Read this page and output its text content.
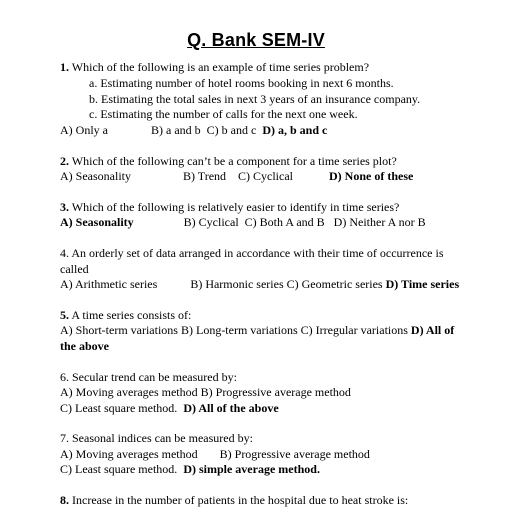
Q. Bank SEM-IV
1. Which of the following is an example of time series problem?
a. Estimating number of hotel rooms booking in next 6 months.
b. Estimating the total sales in next 3 years of an insurance company.
c. Estimating the number of calls for the next one week.
A) Only a	B) a and b C) b and c D) a, b and c
2. Which of the following can’t be a component for a time series plot?
A) Seasonality	B) Trend C) Cyclical	D) None of these
3. Which of the following is relatively easier to identify in time series?
A) Seasonality	B) Cyclical C) Both A and B D) Neither A nor B
4. An orderly set of data arranged in accordance with their time of occurrence is
called
A) Arithmetic series	B) Harmonic series C) Geometric series D) Time series
5. A time series consists of:
A) Short-term variations B) Long-term variations C) Irregular variations D) All of
the above
6. Secular trend can be measured by:
A) Moving averages method B) Progressive average method
C) Least square method. D) All of the above
7. Seasonal indices can be measured by:
A) Moving averages method B) Progressive average method
C) Least square method. D) simple average method.
8. Increase in the number of patients in the hospital due to heat stroke is:
